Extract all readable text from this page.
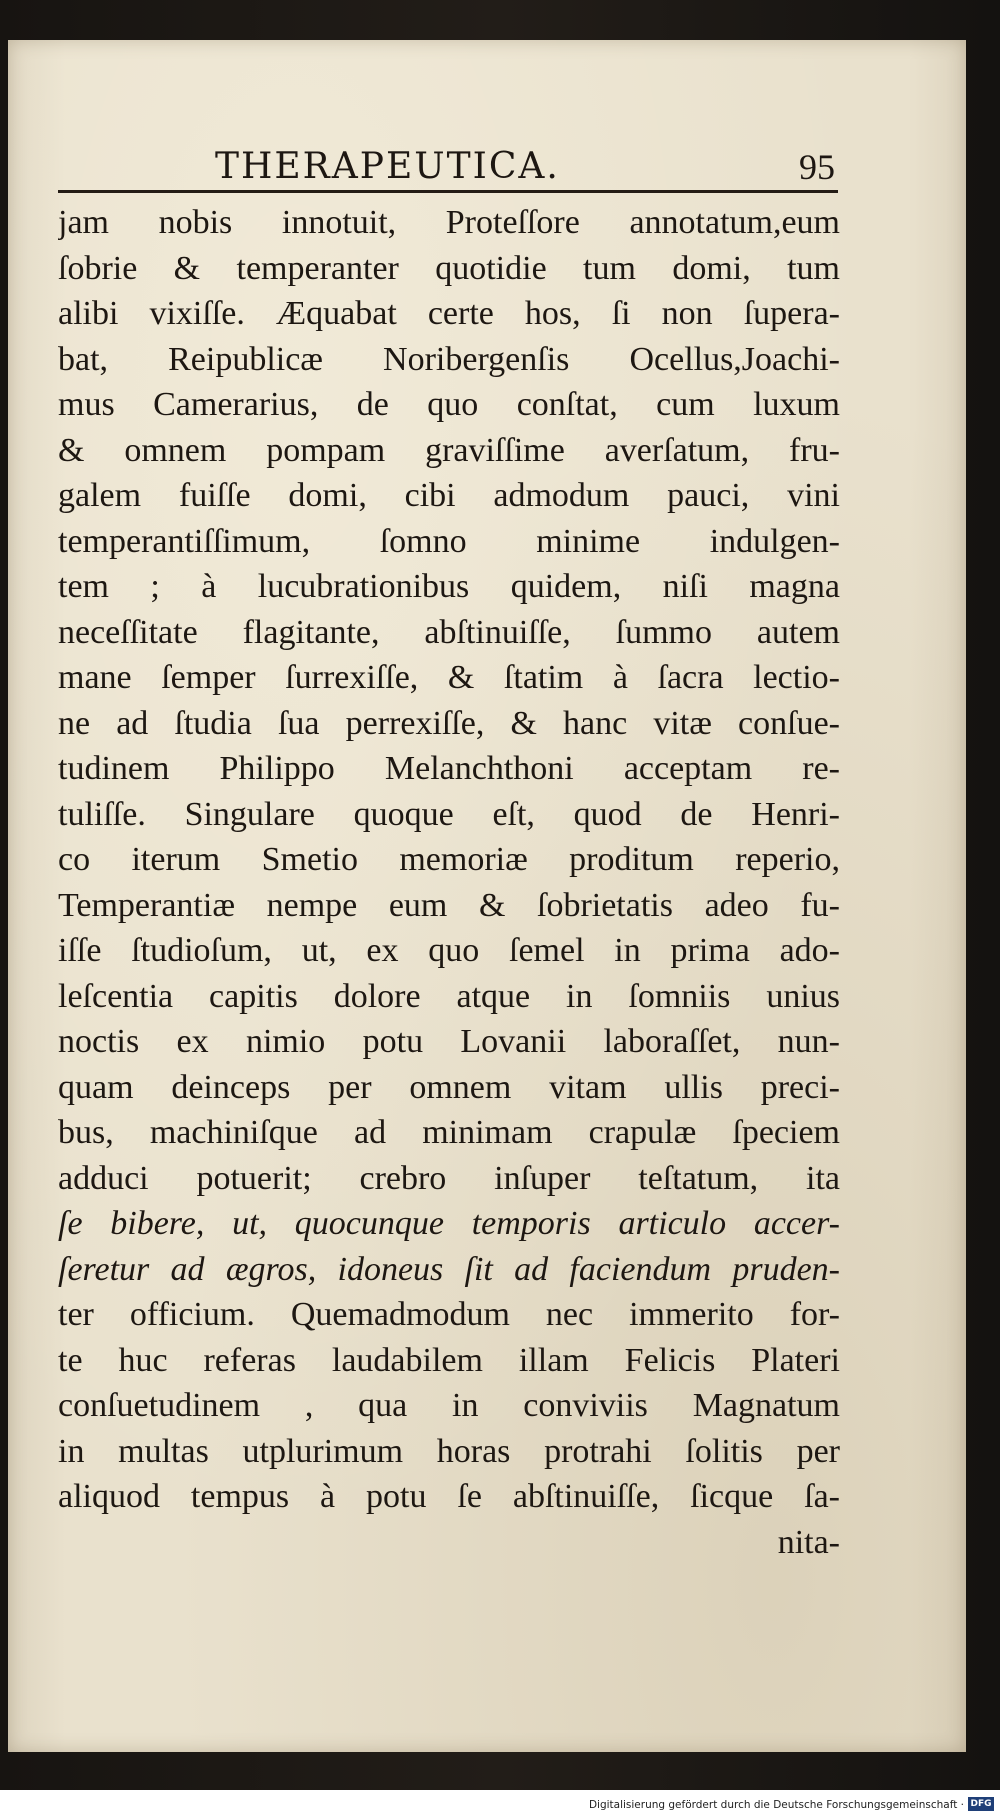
THERAPEUTICA.	95
jam nobis innotuit, Proteſſore annotatum,eum
ſobrie & temperanter quotidie tum domi, tum
alibi vixiſſe. Æquabat certe hos, ſi non ſupera-
bat, Reipublicæ Noribergenſis Ocellus,Joachi-
mus Camerarius, de quo conſtat, cum luxum
& omnem pompam graviſſime averſatum, fru-
galem fuiſſe domi, cibi admodum pauci, vini
temperantiſſimum, ſomno minime indulgen-
tem ; à lucubrationibus quidem, niſi magna
neceſſitate flagitante, abſtinuiſſe, ſummo autem
mane ſemper ſurrexiſſe, & ſtatim à ſacra lectio-
ne ad ſtudia ſua perrexiſſe, & hanc vitæ conſue-
tudinem Philippo Melanchthoni acceptam re-
tuliſſe. Singulare quoque eſt, quod de Henri-
co iterum Smetio memoriæ proditum reperio,
Temperantiæ nempe eum & ſobrietatis adeo fu-
iſſe ſtudioſum, ut, ex quo ſemel in prima ado-
leſcentia capitis dolore atque in ſomniis unius
noctis ex nimio potu Lovanii laboraſſet, nun-
quam deinceps per omnem vitam ullis preci-
bus, machiniſque ad minimam crapulæ ſpeciem
adduci potuerit; crebro inſuper teſtatum, ita
ſe bibere, ut, quocunque temporis articulo accer-
ſeretur ad ægros, idoneus ſit ad faciendum pruden-
ter officium. Quemadmodum nec immerito for-
te huc referas laudabilem illam Felicis Plateri
conſuetudinem , qua in conviviis Magnatum
in multas utplurimum horas protrahi ſolitis per
aliquod tempus à potu ſe abſtinuiſſe, ſicque ſa-
nita-
Digitalisierung gefördert durch die Deutsche Forschungsgemeinschaft · DFG
